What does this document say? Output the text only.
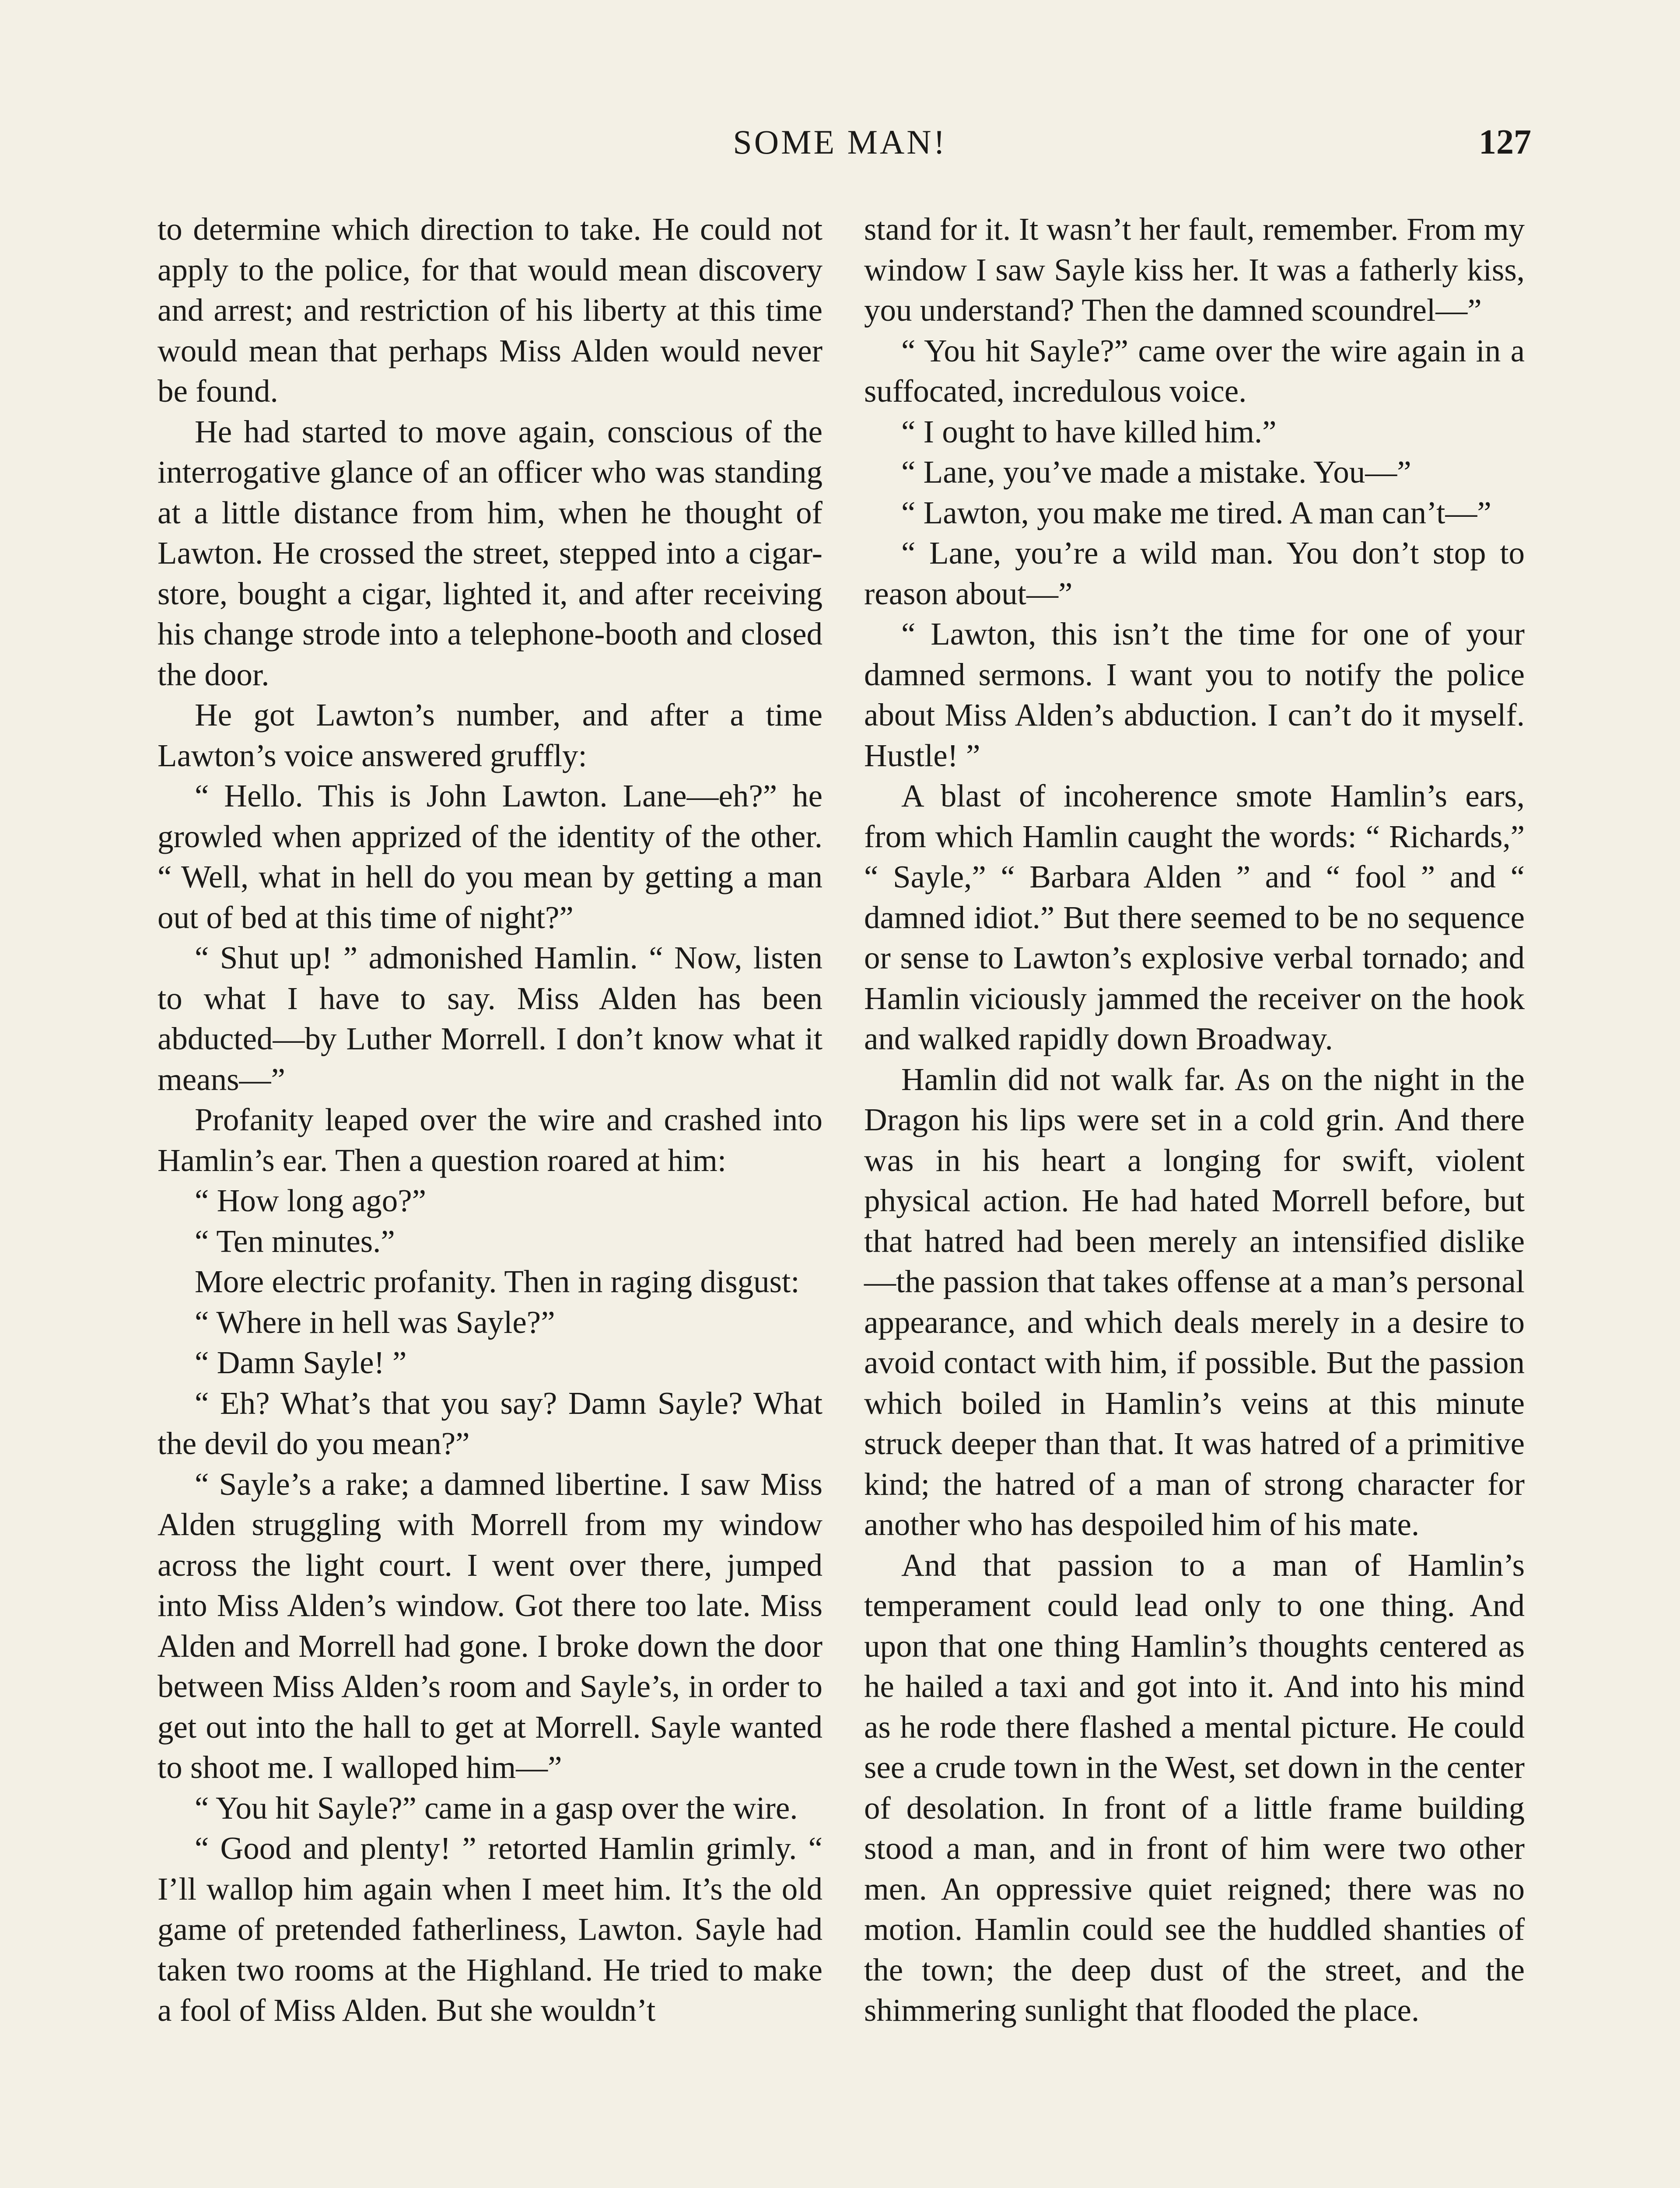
SOME MAN!	127

to determine which direction to take. He could not apply to the police, for that would mean discovery and arrest; and restriction of his liberty at this time would mean that perhaps Miss Alden would never be found.

He had started to move again, conscious of the interrogative glance of an officer who was standing at a little distance from him, when he thought of Lawton. He crossed the street, stepped into a cigar-store, bought a cigar, lighted it, and after receiving his change strode into a telephone-booth and closed the door.

He got Lawton’s number, and after a time Lawton’s voice answered gruffly:

“ Hello. This is John Lawton. Lane—eh?” he growled when apprized of the identity of the other. “ Well, what in hell do you mean by getting a man out of bed at this time of night?”

“ Shut up! ” admonished Hamlin. “ Now, listen to what I have to say. Miss Alden has been abducted—by Luther Morrell. I don’t know what it means—”

Profanity leaped over the wire and crashed into Hamlin’s ear. Then a question roared at him:

“ How long ago?”

“ Ten minutes.”

More electric profanity. Then in raging disgust:

“ Where in hell was Sayle?”

“ Damn Sayle! ”

“ Eh? What’s that you say? Damn Sayle? What the devil do you mean?”

“ Sayle’s a rake; a damned libertine. I saw Miss Alden struggling with Morrell from my window across the light court. I went over there, jumped into Miss Alden’s window. Got there too late. Miss Alden and Morrell had gone. I broke down the door between Miss Alden’s room and Sayle’s, in order to get out into the hall to get at Morrell. Sayle wanted to shoot me. I walloped him—”

“ You hit Sayle?” came in a gasp over the wire.

“ Good and plenty! ” retorted Hamlin grimly. “ I’ll wallop him again when I meet him. It’s the old game of pretended fatherliness, Lawton. Sayle had taken two rooms at the Highland. He tried to make a fool of Miss Alden. But she wouldn’t

stand for it. It wasn’t her fault, remember. From my window I saw Sayle kiss her. It was a fatherly kiss, you understand? Then the damned scoundrel—”

“ You hit Sayle?” came over the wire again in a suffocated, incredulous voice.

“ I ought to have killed him.”

“ Lane, you’ve made a mistake. You—”

“ Lawton, you make me tired. A man can’t—”

“ Lane, you’re a wild man. You don’t stop to reason about—”

“ Lawton, this isn’t the time for one of your damned sermons. I want you to notify the police about Miss Alden’s abduction. I can’t do it myself. Hustle! ”

A blast of incoherence smote Hamlin’s ears, from which Hamlin caught the words: “ Richards,” “ Sayle,” “ Barbara Alden ” and “ fool ” and “ damned idiot.” But there seemed to be no sequence or sense to Lawton’s explosive verbal tornado; and Hamlin viciously jammed the receiver on the hook and walked rapidly down Broadway.

Hamlin did not walk far. As on the night in the Dragon his lips were set in a cold grin. And there was in his heart a longing for swift, violent physical action. He had hated Morrell before, but that hatred had been merely an intensified dislike—the passion that takes offense at a man’s personal appearance, and which deals merely in a desire to avoid contact with him, if possible. But the passion which boiled in Hamlin’s veins at this minute struck deeper than that. It was hatred of a primitive kind; the hatred of a man of strong character for another who has despoiled him of his mate.

And that passion to a man of Hamlin’s temperament could lead only to one thing. And upon that one thing Hamlin’s thoughts centered as he hailed a taxi and got into it. And into his mind as he rode there flashed a mental picture. He could see a crude town in the West, set down in the center of desolation. In front of a little frame building stood a man, and in front of him were two other men. An oppressive quiet reigned; there was no motion. Hamlin could see the huddled shanties of the town; the deep dust of the street, and the shimmering sunlight that flooded the place.
